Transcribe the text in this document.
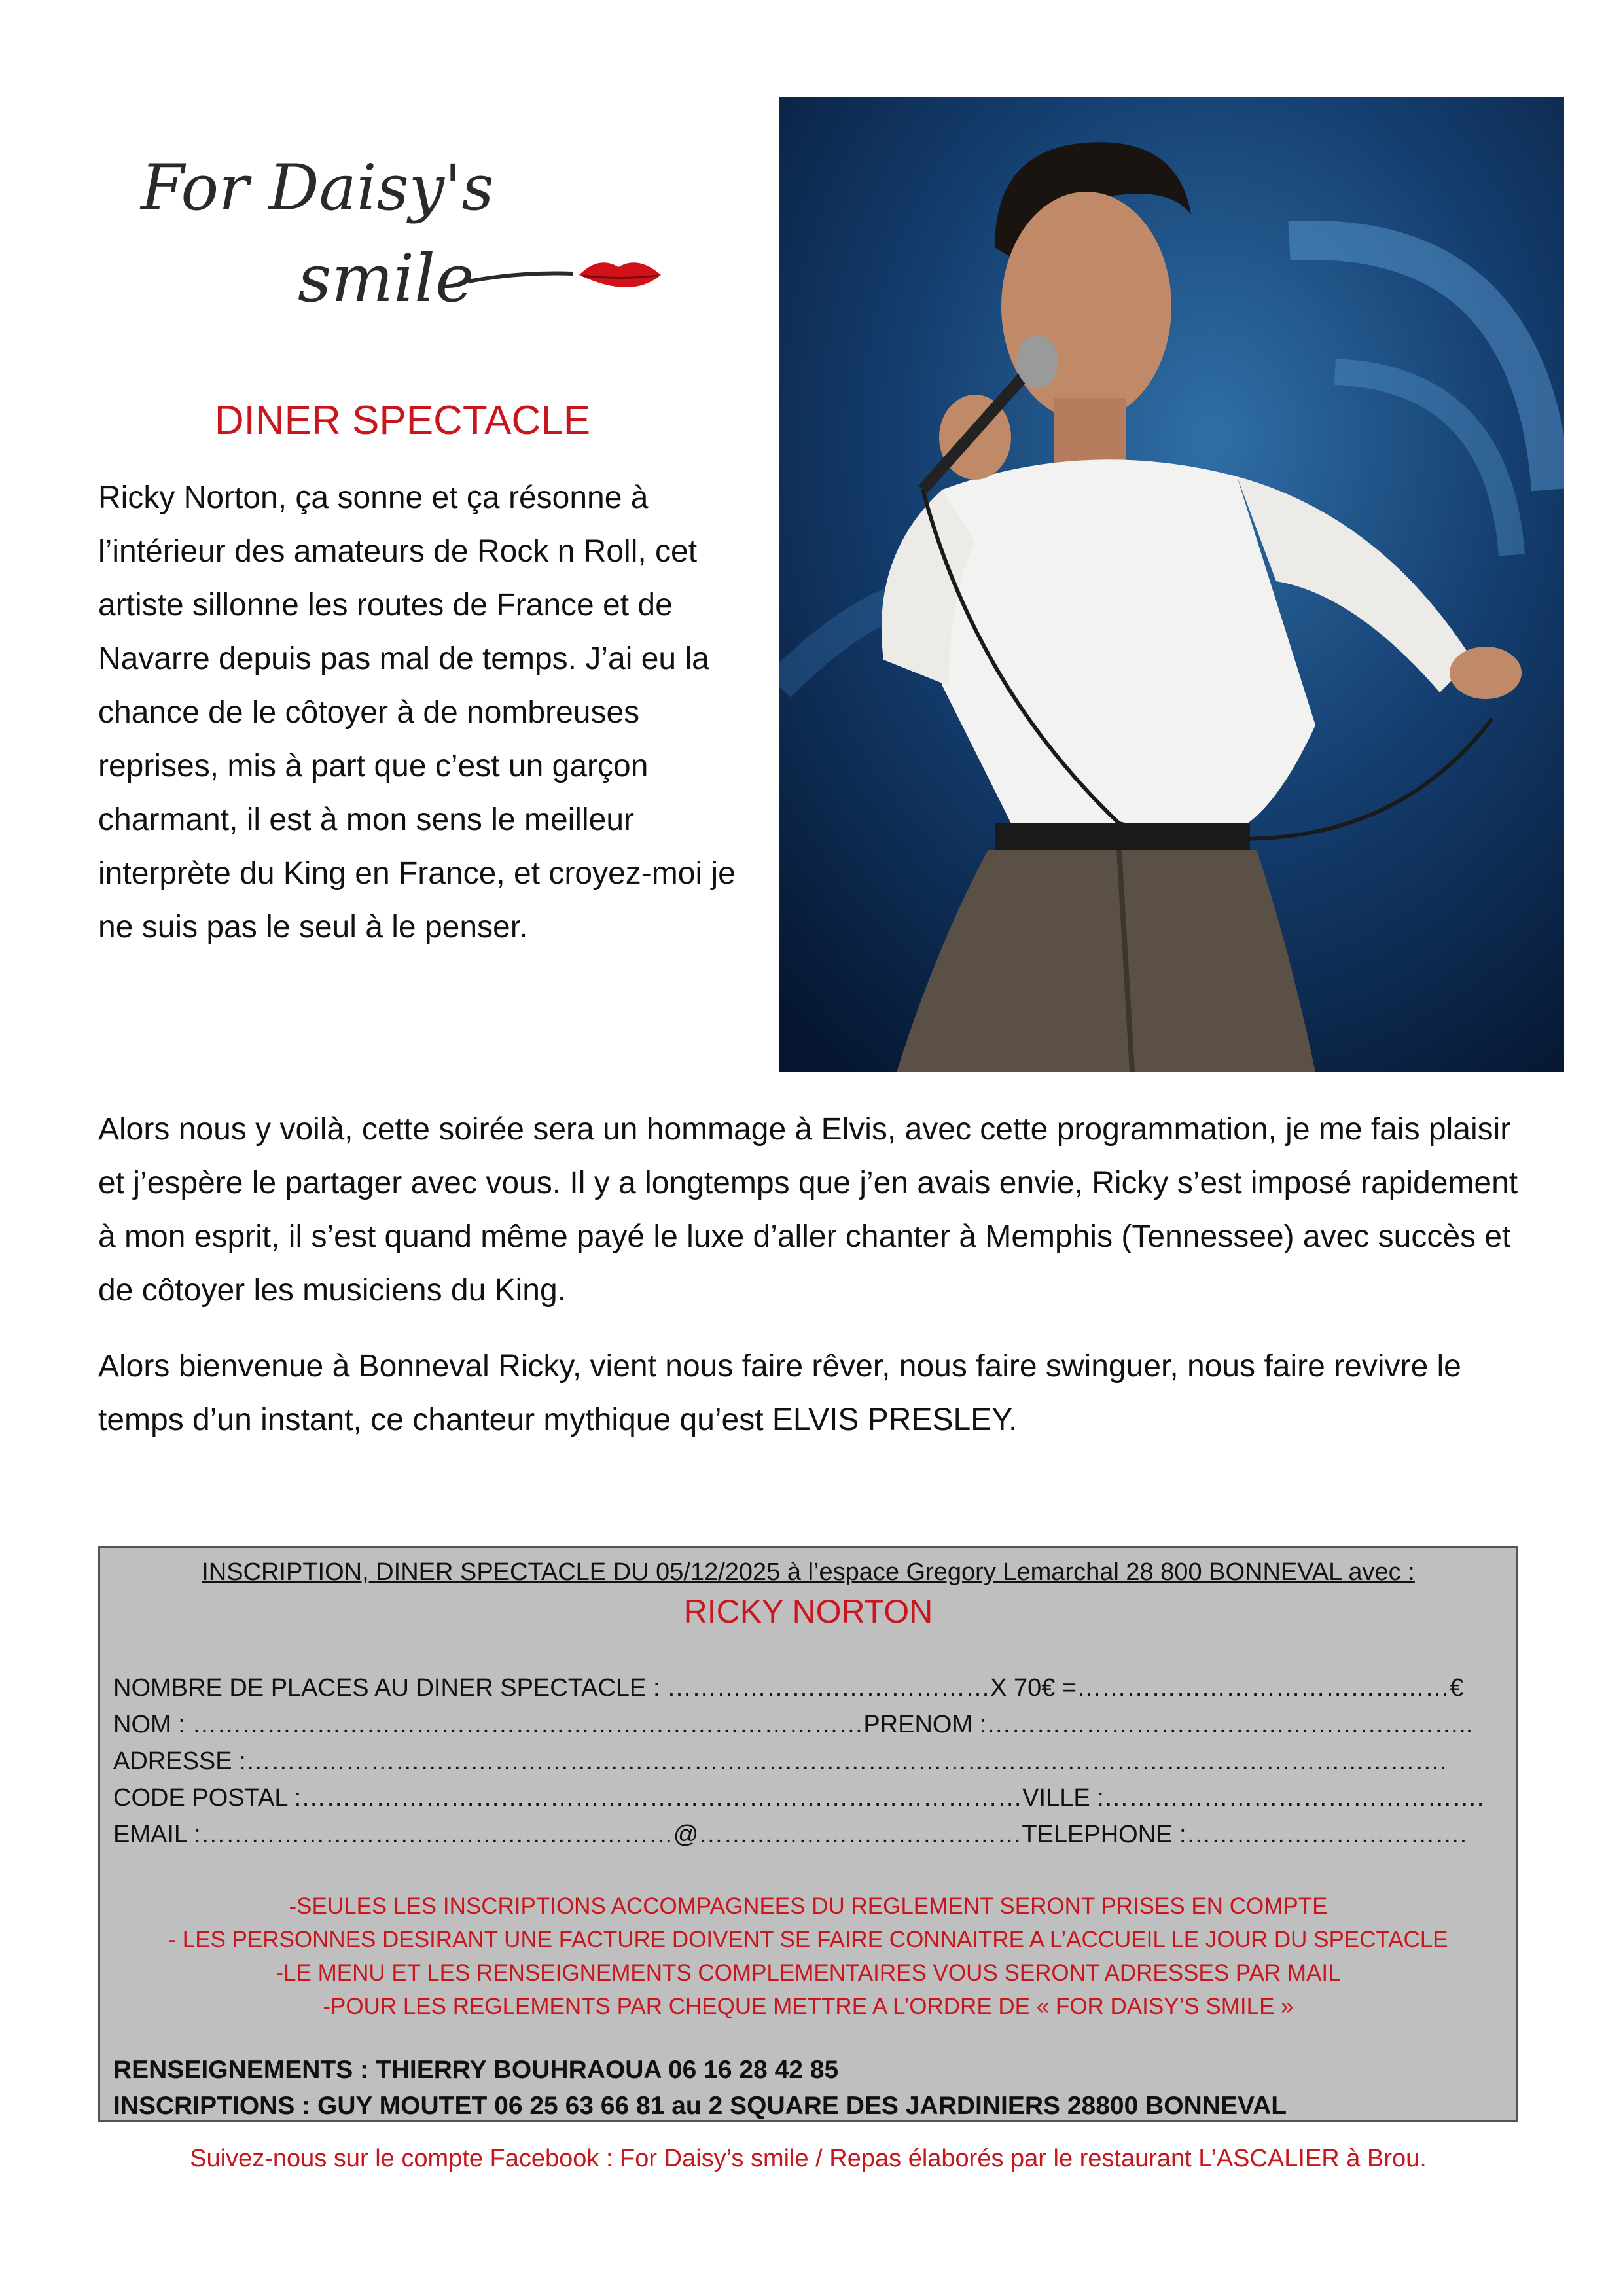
For Daisy's
smile
DINER SPECTACLE
Ricky Norton, ça sonne et ça résonne à l’intérieur des amateurs de Rock n Roll, cet artiste sillonne les routes de France et de Navarre depuis pas mal de temps. J’ai eu la chance de le côtoyer à de nombreuses reprises, mis à part que c’est un garçon charmant, il est à mon sens le meilleur interprète du King en France, et croyez-moi je ne suis pas le seul à le penser.
Alors nous y voilà, cette soirée sera un hommage à Elvis, avec cette programmation, je me fais plaisir et j’espère le partager avec vous. Il y a longtemps que j’en avais envie, Ricky s’est imposé rapidement à mon esprit, il s’est quand même payé le luxe d’aller chanter à Memphis (Tennessee) avec succès et de côtoyer les musiciens du King.
Alors bienvenue à Bonneval Ricky, vient nous faire rêver, nous faire swinguer, nous faire revivre le temps d’un instant, ce chanteur mythique qu’est ELVIS PRESLEY.
INSCRIPTION, DINER SPECTACLE DU 05/12/2025 à l’espace Gregory Lemarchal 28 800 BONNEVAL avec :
RICKY NORTON
NOMBRE DE PLACES AU DINER SPECTACLE : …………………………………X 70€ =………………………………………€
NOM : ………………………………………………………………………PRENOM :…………………………………………………..
ADRESSE :……………………………………………………………………………………………………………………………….
CODE POSTAL :……………………………………………………………………………VILLE :……………………………………….
EMAIL :…………………………………………………@…………………………………TELEPHONE :…………………………….
-SEULES LES INSCRIPTIONS ACCOMPAGNEES DU REGLEMENT SERONT PRISES EN COMPTE
- LES PERSONNES DESIRANT UNE FACTURE DOIVENT SE FAIRE CONNAITRE A L’ACCUEIL LE JOUR DU SPECTACLE
-LE MENU ET LES RENSEIGNEMENTS COMPLEMENTAIRES VOUS SERONT ADRESSES PAR MAIL
-POUR LES REGLEMENTS PAR CHEQUE METTRE A L’ORDRE DE « FOR DAISY’S SMILE »
RENSEIGNEMENTS : THIERRY BOUHRAOUA 06 16 28 42 85
INSCRIPTIONS : GUY MOUTET 06 25 63 66 81 au 2 SQUARE DES JARDINIERS 28800 BONNEVAL
Suivez-nous sur le compte Facebook : For Daisy’s smile / Repas élaborés par le restaurant L’ASCALIER à Brou.
